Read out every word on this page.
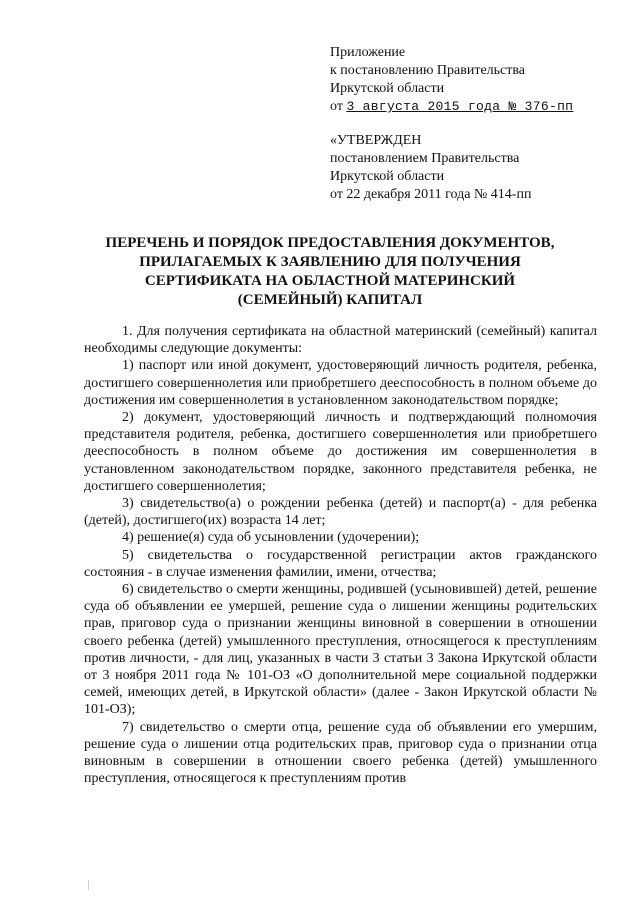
Приложение
к постановлению Правительства
Иркутской области
от 3 августа 2015 года № 376-пп
«УТВЕРЖДЕН
постановлением Правительства
Иркутской области
от 22 декабря 2011 года № 414-пп
ПЕРЕЧЕНЬ И ПОРЯДОК ПРЕДОСТАВЛЕНИЯ ДОКУМЕНТОВ,
ПРИЛАГАЕМЫХ К ЗАЯВЛЕНИЮ ДЛЯ ПОЛУЧЕНИЯ
СЕРТИФИКАТА НА ОБЛАСТНОЙ МАТЕРИНСКИЙ
(СЕМЕЙНЫЙ) КАПИТАЛ

1. Для получения сертификата на областной материнский (семейный) капитал необходимы следующие документы:

1) паспорт или иной документ, удостоверяющий личность родителя, ребенка, достигшего совершеннолетия или приобретшего дееспособность в полном объеме до достижения им совершеннолетия в установленном законодательством порядке;

2) документ, удостоверяющий личность и подтверждающий полномочия представителя родителя, ребенка, достигшего совершеннолетия или приобретшего дееспособность в полном объеме до достижения им совершеннолетия в установленном законодательством порядке, законного представителя ребенка, не достигшего совершеннолетия;

3) свидетельство(а) о рождении ребенка (детей) и паспорт(а) - для ребенка (детей), достигшего(их) возраста 14 лет;

4) решение(я) суда об усыновлении (удочерении);

5) свидетельства о государственной регистрации актов гражданского состояния - в случае изменения фамилии, имени, отчества;

6) свидетельство о смерти женщины, родившей (усыновившей) детей, решение суда об объявлении ее умершей, решение суда о лишении женщины родительских прав, приговор суда о признании женщины виновной в совершении в отношении своего ребенка (детей) умышленного преступления, относящегося к преступлениям против личности, - для лиц, указанных в части 3 статьи 3 Закона Иркутской области от 3 ноября 2011 года № 101-ОЗ «О дополнительной мере социальной поддержки семей, имеющих детей, в Иркутской области» (далее - Закон Иркутской области № 101-ОЗ);

7) свидетельство о смерти отца, решение суда об объявлении его умершим, решение суда о лишении отца родительских прав, приговор суда о признании отца виновным в совершении в отношении своего ребенка (детей) умышленного преступления, относящегося к преступлениям против
